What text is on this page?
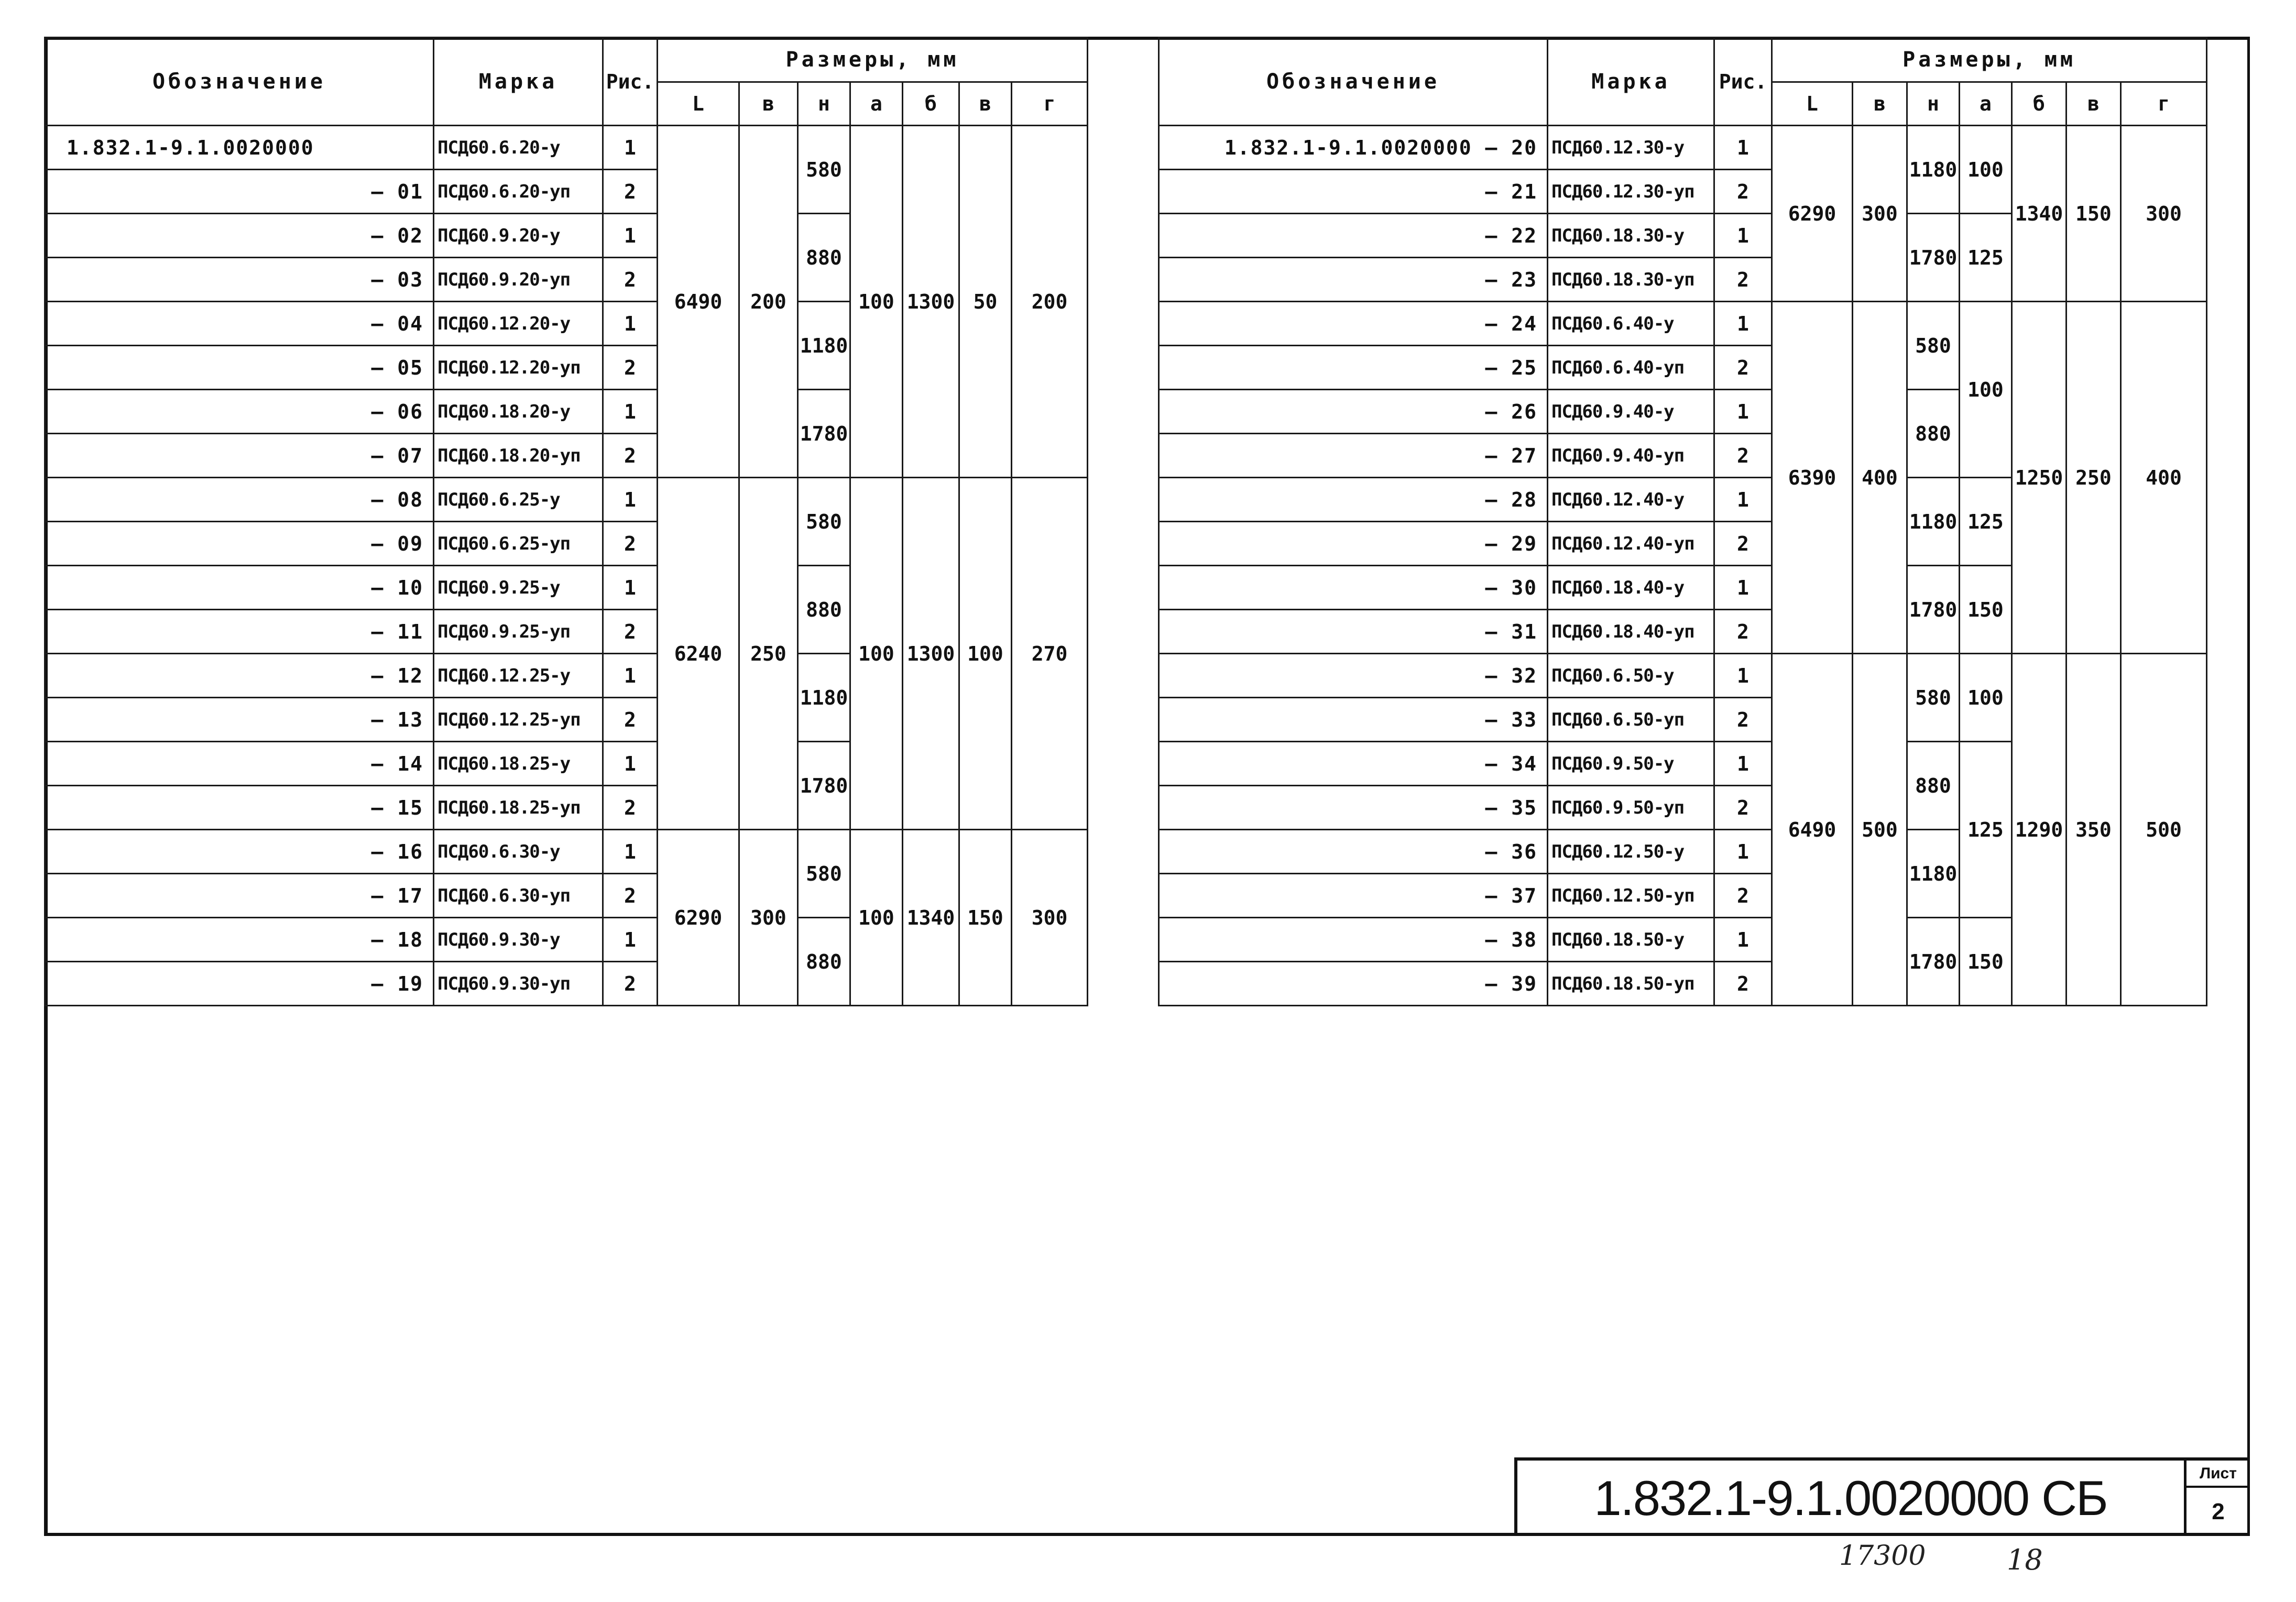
Обозначение	Марка	Рис.	Размеры, мм						
			L	в	н	а	б	в	г
1.832.1-9.1.0020000	ПСД60.6.20-у	1	6490	200	580	100	1300	50	200
– 01	ПСД60.6.20-уп	2							
– 02	ПСД60.9.20-у	1			880				
– 03	ПСД60.9.20-уп	2							
– 04	ПСД60.12.20-у	1			1180				
– 05	ПСД60.12.20-уп	2							
– 06	ПСД60.18.20-у	1			1780				
– 07	ПСД60.18.20-уп	2							
– 08	ПСД60.6.25-у	1	6240	250	580	100	1300	100	270
– 09	ПСД60.6.25-уп	2							
– 10	ПСД60.9.25-у	1			880				
– 11	ПСД60.9.25-уп	2							
– 12	ПСД60.12.25-у	1			1180				
– 13	ПСД60.12.25-уп	2							
– 14	ПСД60.18.25-у	1			1780				
– 15	ПСД60.18.25-уп	2							
– 16	ПСД60.6.30-у	1	6290	300	580	100	1340	150	300
– 17	ПСД60.6.30-уп	2							
– 18	ПСД60.9.30-у	1			880				
– 19	ПСД60.9.30-уп	2							
Обозначение	Марка	Рис.	Размеры, мм						
			L	в	н	а	б	в	г
1.832.1-9.1.0020000 – 20	ПСД60.12.30-у	1	6290	300	1180	100	1340	150	300
– 21	ПСД60.12.30-уп	2							
– 22	ПСД60.18.30-у	1			1780	125			
– 23	ПСД60.18.30-уп	2							
– 24	ПСД60.6.40-у	1	6390	400	580	100	1250	250	400
– 25	ПСД60.6.40-уп	2							
– 26	ПСД60.9.40-у	1			880				
– 27	ПСД60.9.40-уп	2							
– 28	ПСД60.12.40-у	1			1180	125			
– 29	ПСД60.12.40-уп	2							
– 30	ПСД60.18.40-у	1			1780	150			
– 31	ПСД60.18.40-уп	2							
– 32	ПСД60.6.50-у	1	6490	500	580	100	1290	350	500
– 33	ПСД60.6.50-уп	2							
– 34	ПСД60.9.50-у	1			880	125			
– 35	ПСД60.9.50-уп	2							
– 36	ПСД60.12.50-у	1			1180				
– 37	ПСД60.12.50-уп	2							
– 38	ПСД60.18.50-у	1			1780	150			
– 39	ПСД60.18.50-уп	2							
1.832.1-9.1.0020000 СБ	Лист
2
17300	18
